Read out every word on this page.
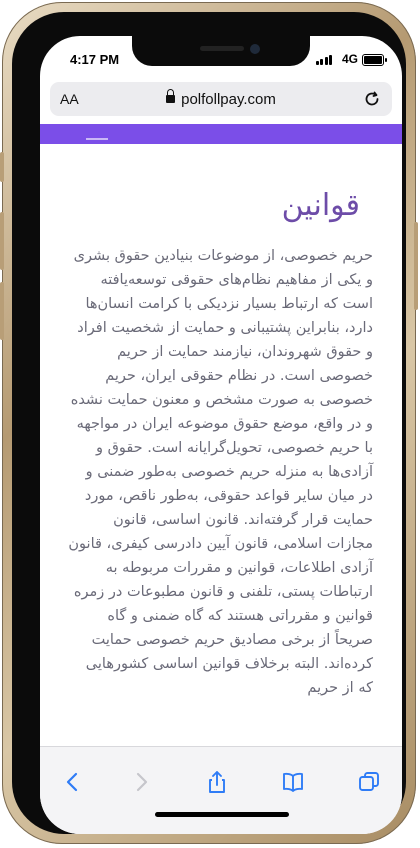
4:17 PM	4G
AA	polfollpay.com
قوانین
حریم خصوصی، از موضوعات بنیادین حقوق بشری و یکی از مفاهیم نظام‌های حقوقی توسعه‌یافته است که ارتباط بسیار نزدیکی با کرامت انسان‌ها دارد، بنابراین پشتیبانی و حمایت از شخصیت افراد و حقوق شهروندان، نیازمند حمایت از حریم خصوصی است. در نظام حقوقی ایران، حریم خصوصی به صورت مشخص و معنون حمایت نشده و در واقع، موضع حقوق موضوعه ایران در مواجهه با حریم خصوصی، تحویل‌گرایانه است. حقوق و آزادی‌ها به منزله حریم خصوصی به‌طور ضمنی و در میان سایر قواعد حقوقی، به‌طور ناقص، مورد حمایت قرار گرفته‌اند. قانون اساسی، قانون مجازات اسلامی، قانون آیین دادرسی کیفری، قانون آزادی اطلاعات، قوانین و مقررات مربوطه به ارتباطات پستی، تلفنی و قانون مطبوعات در زمره قوانین و مقرراتی هستند که گاه ضمنی و گاه صریحاً از برخی مصادیق حریم خصوصی حمایت کرده‌اند. البته برخلاف قوانین اساسی کشورهایی که از حریم
